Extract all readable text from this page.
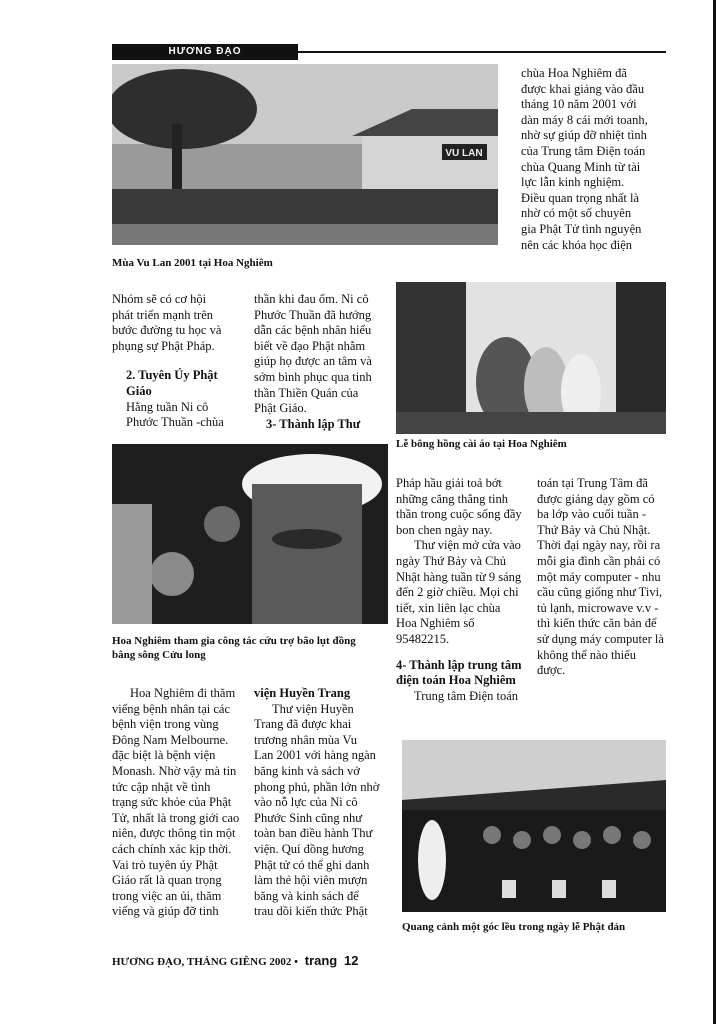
HƯƠNG ĐẠO
VU LAN
Mùa Vu Lan 2001 tại Hoa Nghiêm
chùa Hoa Nghiêm đã
được khai giảng vào đầu
tháng 10 năm 2001 với
dàn máy 8 cái mới toanh,
nhờ sự giúp đỡ nhiệt tình
của Trung tâm Điện toán
chùa Quang Minh từ tài
lực lẫn kinh nghiệm.
Điều quan trọng nhất là
nhờ có một số chuyên
gia Phật Tử tình nguyện
nên các khóa học điện
Nhóm sẽ có cơ hội
phát triển mạnh trên
bước đường tu học và
phụng sự Phật Pháp.
2. Tuyên Úy Phật
Giáo
Hằng tuần Ni cô
Phước Thuần -chùa
thần khi đau ốm. Ni cô
Phước Thuần đã hướng
dẫn các bệnh nhân hiểu
biết về đạo Phật nhằm
giúp họ được an tâm và
sớm bình phục qua tinh
thần Thiền Quán của
Phật Giáo.
3- Thành lập Thư
Lễ bông hồng cài áo tại Hoa Nghiêm
Hoa Nghiêm tham gia công tác cứu trợ bão lụt đồng
bằng sông Cửu long
Pháp hầu giải toả bớt
những căng thẳng tinh
thần trong cuộc sống đầy
bon chen ngày nay.
Thư viện mở cửa vào
ngày Thứ Bảy và Chủ
Nhật hàng tuần từ 9 sáng
đến 2 giờ chiều. Mọi chi
tiết, xin liên lạc chùa
Hoa Nghiêm số
95482215.
4- Thành lập trung tâm
điện toán Hoa Nghiêm
Trung tâm Điện toán
toán tại Trung Tâm đã
được giảng dạy gồm có
ba lớp vào cuối tuần -
Thứ Bảy và Chủ Nhật.
Thời đại ngày nay, rồi ra
mỗi gia đình cần phải có
một máy computer - nhu
cầu cũng giống như Tivi,
tủ lạnh, microwave v.v -
thì kiến thức căn bản để
sử dụng máy computer là
không thể nào thiếu
được.
Hoa Nghiêm đi thăm
viếng bệnh nhân tại các
bệnh viện trong vùng
Đông Nam Melbourne.
đặc biệt là bệnh viện
Monash. Nhờ vậy mà tin
tức cập nhật về tình
trạng sức khỏe của Phật
Tử, nhất là trong giới cao
niên, được thông tin một
cách chính xác kịp thời.
Vai trò tuyên úy Phật
Giáo rất là quan trọng
trong việc an ủi, thăm
viếng và giúp đỡ tinh
viện Huyền Trang
Thư viện Huyền
Trang đã được khai
trương nhân mùa Vu
Lan 2001 với hàng ngàn
băng kinh và sách vở
phong phú, phần lớn nhờ
vào nỗ lực của Ni cô
Phước Sinh cũng như
toàn ban điều hành Thư
viện. Quí đồng hương
Phật tử có thể ghi danh
làm thẻ hội viên mượn
băng và kinh sách để
trau dồi kiến thức Phật
Quang cảnh một góc lều trong ngày lễ Phật đản
HƯƠNG ĐẠO, THÁNG GIÊNG 2002 • trang 12
